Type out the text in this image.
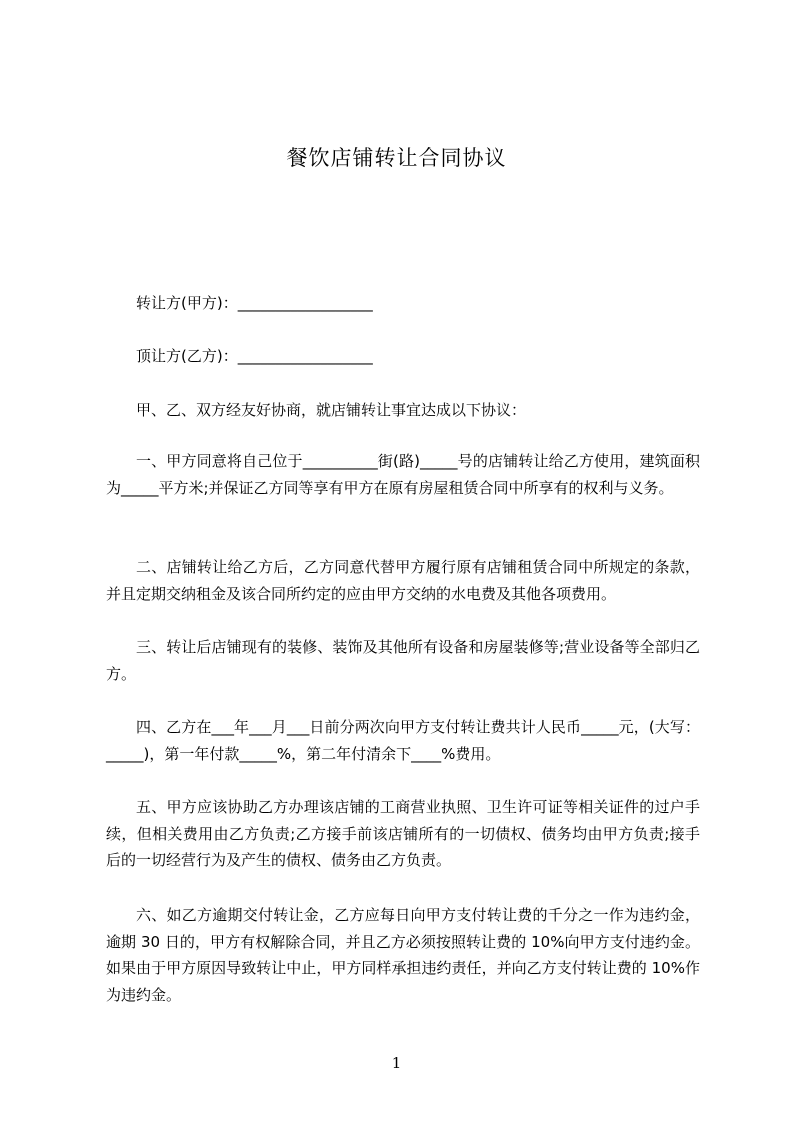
餐饮店铺转让合同协议
转让方(甲方)：__________________
顶让方(乙方)：__________________
甲、乙、双方经友好协商，就店铺转让事宜达成以下协议：

一、甲方同意将自己位于__________街(路)_____号的店铺转让给乙方使用，建筑面积为_____平方米;并保证乙方同等享有甲方在原有房屋租赁合同中所享有的权利与义务。

二、店铺转让给乙方后，乙方同意代替甲方履行原有店铺租赁合同中所规定的条款，并且定期交纳租金及该合同所约定的应由甲方交纳的水电费及其他各项费用。

三、转让后店铺现有的装修、装饰及其他所有设备和房屋装修等;营业设备等全部归乙方。

四、乙方在___年___月___日前分两次向甲方支付转让费共计人民币_____元，(大写：_____)，第一年付款_____%，第二年付清余下____%费用。

五、甲方应该协助乙方办理该店铺的工商营业执照、卫生许可证等相关证件的过户手续，但相关费用由乙方负责;乙方接手前该店铺所有的一切债权、债务均由甲方负责;接手后的一切经营行为及产生的债权、债务由乙方负责。

六、如乙方逾期交付转让金，乙方应每日向甲方支付转让费的千分之一作为违约金，逾期 30 日的，甲方有权解除合同，并且乙方必须按照转让费的 10%向甲方支付违约金。如果由于甲方原因导致转让中止，甲方同样承担违约责任，并向乙方支付转让费的 10%作为违约金。

1
